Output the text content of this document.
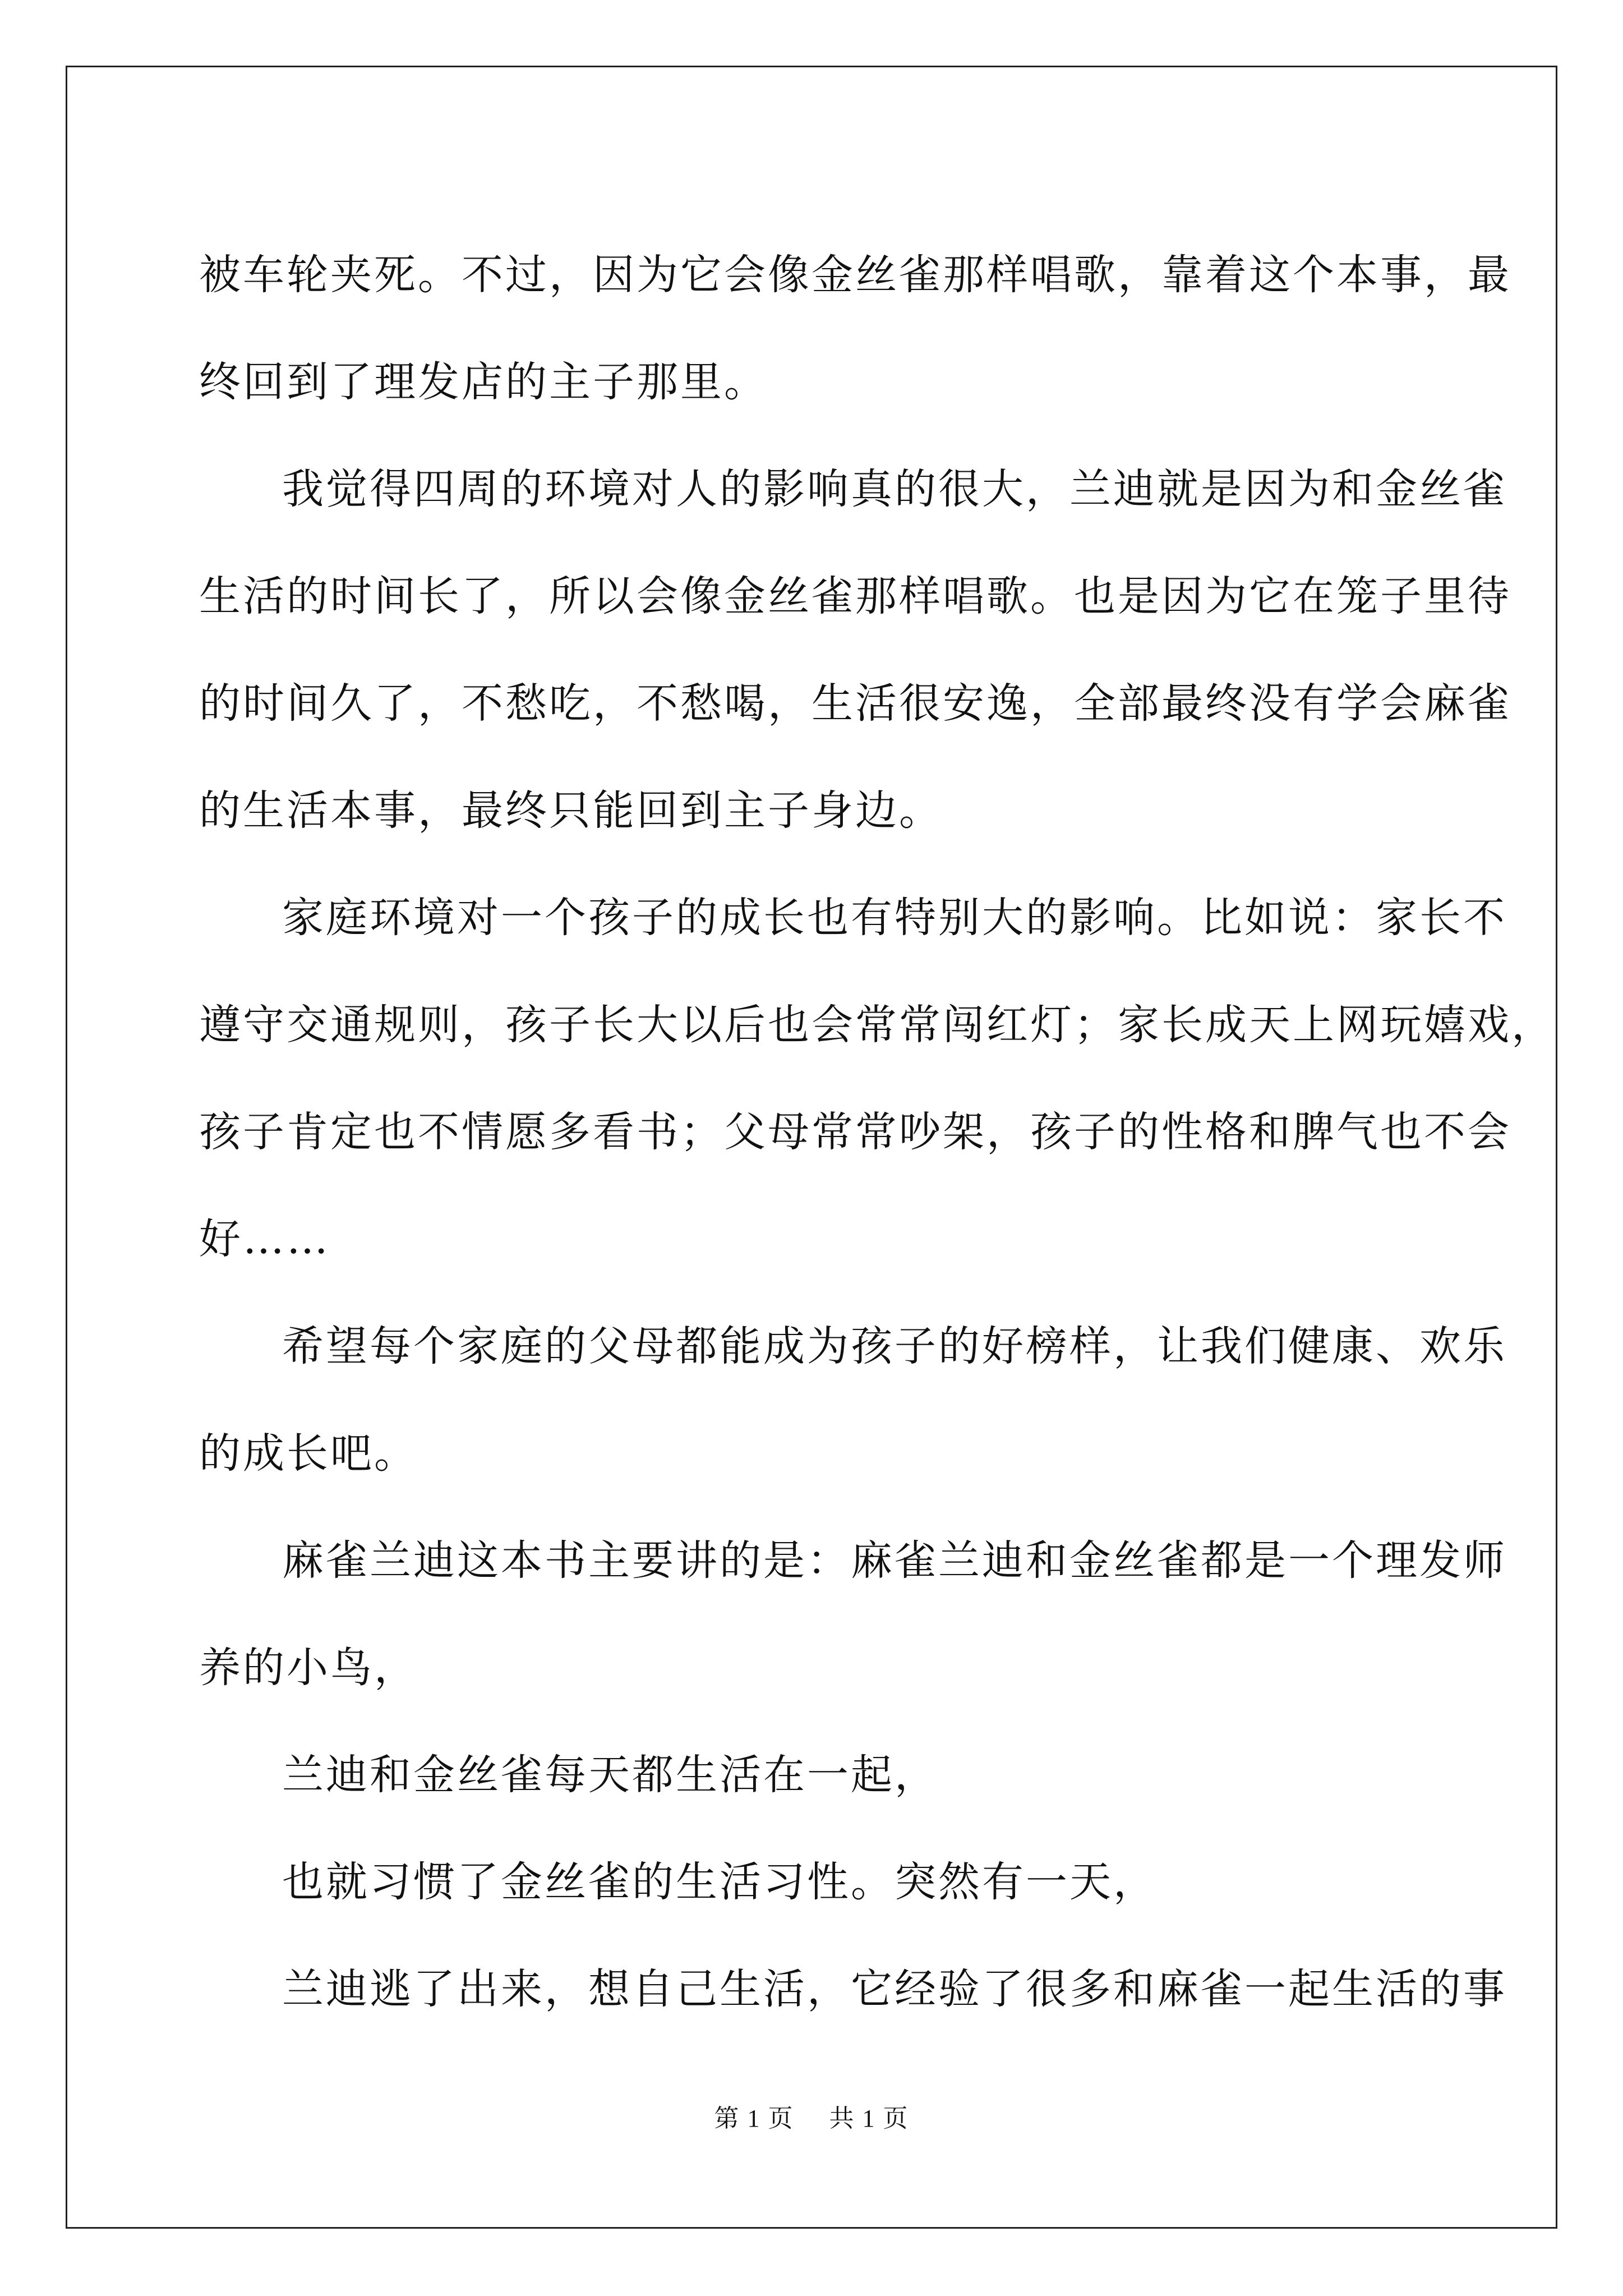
被车轮夹死。不过，因为它会像金丝雀那样唱歌，靠着这个本事，最
终回到了理发店的主子那里。
我觉得四周的环境对人的影响真的很大，兰迪就是因为和金丝雀
生活的时间长了，所以会像金丝雀那样唱歌。也是因为它在笼子里待
的时间久了，不愁吃，不愁喝，生活很安逸，全部最终没有学会麻雀
的生活本事，最终只能回到主子身边。
家庭环境对一个孩子的成长也有特别大的影响。比如说：家长不
遵守交通规则，孩子长大以后也会常常闯红灯；家长成天上网玩嬉戏，
孩子肯定也不情愿多看书；父母常常吵架，孩子的性格和脾气也不会
好……
希望每个家庭的父母都能成为孩子的好榜样，让我们健康、欢乐
的成长吧。
麻雀兰迪这本书主要讲的是：麻雀兰迪和金丝雀都是一个理发师
养的小鸟，
兰迪和金丝雀每天都生活在一起，
也就习惯了金丝雀的生活习性。突然有一天，
兰迪逃了出来，想自己生活，它经验了很多和麻雀一起生活的事
第 1 页 共 1 页
